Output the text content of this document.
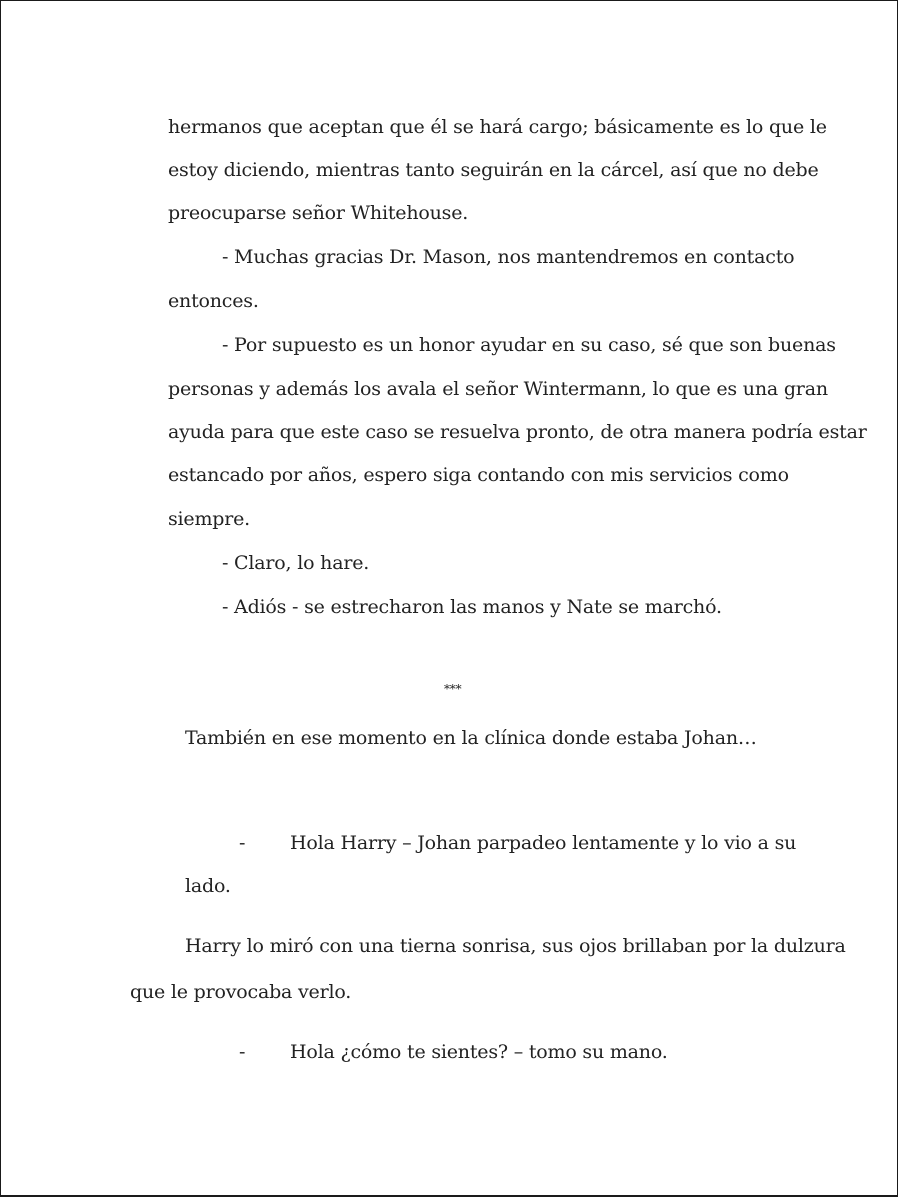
hermanos que aceptan que él se hará cargo; básicamente es lo que le
estoy diciendo, mientras tanto seguirán en la cárcel, así que no debe
preocuparse señor Whitehouse.
- Muchas gracias Dr. Mason, nos mantendremos en contacto
entonces.
- Por supuesto es un honor ayudar en su caso, sé que son buenas
personas y además los avala el señor Wintermann, lo que es una gran
ayuda para que este caso se resuelva pronto, de otra manera podría estar
estancado por años, espero siga contando con mis servicios como
siempre.
- Claro, lo hare.
- Adiós - se estrecharon las manos y Nate se marchó.
***
También en ese momento en la clínica donde estaba Johan…
- Hola Harry – Johan parpadeo lentamente y lo vio a su
lado.
Harry lo miró con una tierna sonrisa, sus ojos brillaban por la dulzura
que le provocaba verlo.
- Hola ¿cómo te sientes? – tomo su mano.
